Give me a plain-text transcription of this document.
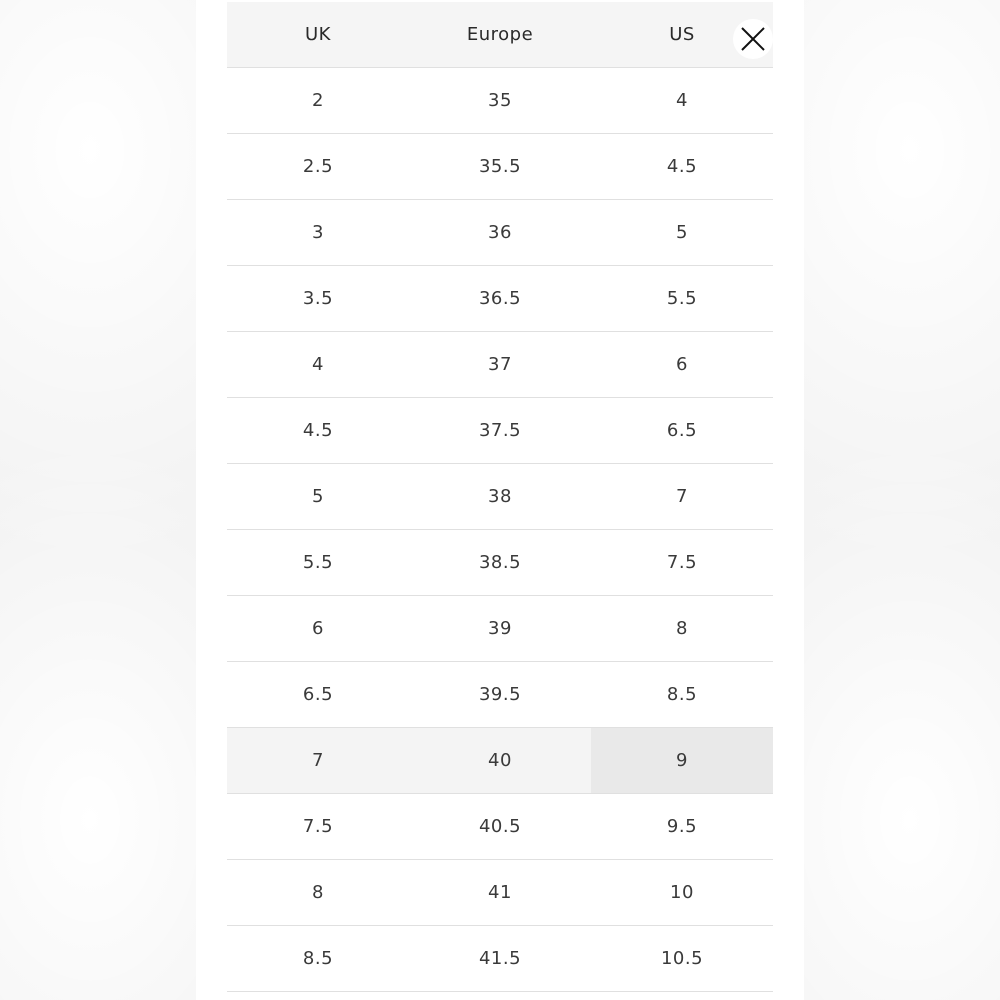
UK	Europe	US
2	35	4
2.5	35.5	4.5
3	36	5
3.5	36.5	5.5
4	37	6
4.5	37.5	6.5
5	38	7
5.5	38.5	7.5
6	39	8
6.5	39.5	8.5
7	40	9
7.5	40.5	9.5
8	41	10
8.5	41.5	10.5
